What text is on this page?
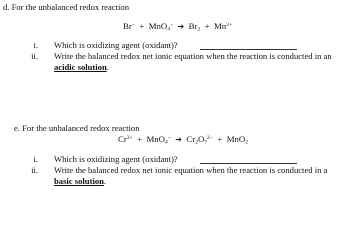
d. For the unbalanced redox reaction
Br− + MnO$_4$− ➔ $Br_2 + Mn^{2+}$
i. Which is oxidizing agent (oxidant)?
ii. Write the balanced redox net ionic equation when the reaction is conducted in an
acidic solution.
e. For the unbalanced redox reaction
$Cr^{3+} + MnO_4^-$ ➔ $Cr_2O_7^{2-} + MnO_2$
i. Which is oxidizing agent (oxidant)?
ii. Write the balanced redox net ionic equation when the reaction is conducted in a
basic solution.
